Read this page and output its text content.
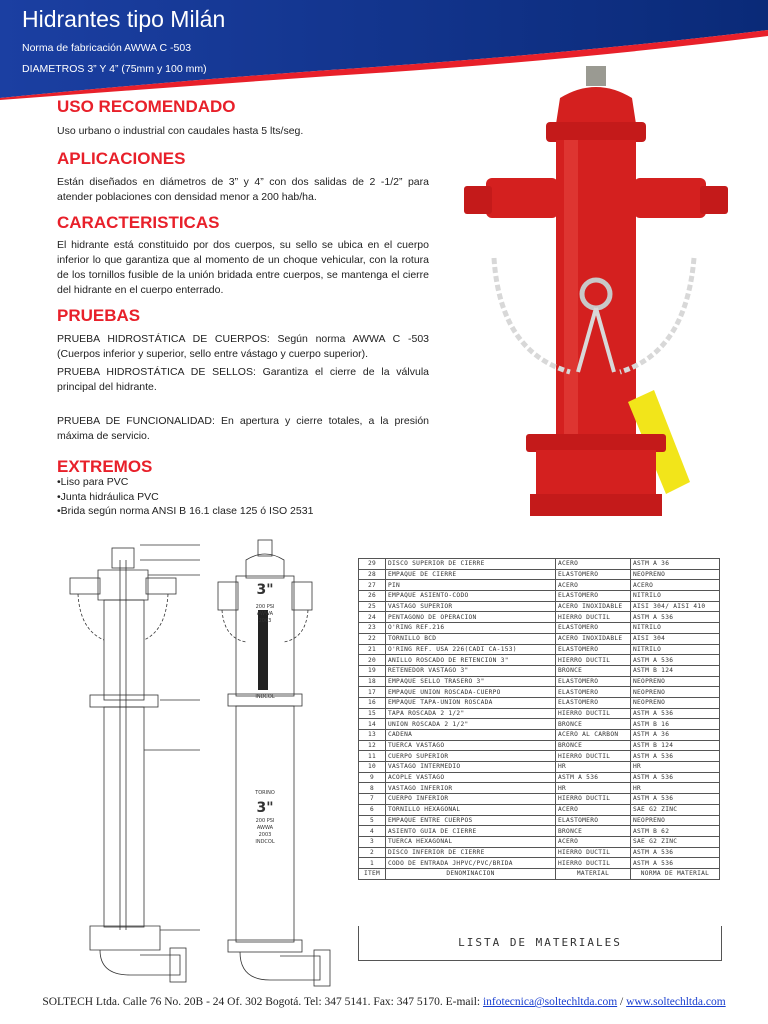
Hidrantes tipo Milán
Norma de fabricación AWWA C -503
DIAMETROS 3” Y 4” (75mm y 100 mm)
USO RECOMENDADO
Uso urbano o industrial con caudales hasta 5 lts/seg.
APLICACIONES
Están diseñados en diámetros de 3” y 4” con dos salidas de 2 -1/2” para atender poblaciones con densidad menor a 200 hab/ha.
CARACTERISTICAS
El hidrante está constituido por dos cuerpos, su sello se ubica en el cuerpo inferior lo que garantiza que al momento de un choque vehicular, con la rotura de los tornillos fusible de la unión bridada entre cuerpos, se mantenga el cierre del hidrante en el cuerpo enterrado.
PRUEBAS
PRUEBA HIDROSTÁTICA DE CUERPOS: Según norma AWWA C -503 (Cuerpos inferior y superior, sello entre vástago y cuerpo superior).
PRUEBA HIDROSTÁTICA DE SELLOS: Garantiza el cierre de la válvula principal del hidrante.
PRUEBA DE FUNCIONALIDAD: En apertura y cierre totales, a la presión máxima de servicio.
EXTREMOS
•Liso para PVC
•Junta hidráulica PVC
•Brida según norma ANSI B 16.1 clase 125 ó ISO 2531
3"
200 PSI
AWWA
2003
INDCOL
TORINO
3"
200 PSI
AWWA
2003
INDCOL
29	DISCO SUPERIOR DE CIERRE	ACERO	ASTM A 36
28	EMPAQUE DE CIERRE	ELASTOMERO	NEOPRENO
27	PIN	ACERO	ACERO
26	EMPAQUE ASIENTO-CODO	ELASTOMERO	NITRILO
25	VASTAGO SUPERIOR	ACERO INOXIDABLE	AISI 304/ AISI 410
24	PENTAGONO DE OPERACION	HIERRO DUCTIL	ASTM A 536
23	O'RING REF.216	ELASTOMERO	NITRILO
22	TORNILLO BCD	ACERO INOXIDABLE	AISI 304
21	O'RING REF. USA 226(CADI CA-153)	ELASTOMERO	NITRILO
20	ANILLO ROSCADO DE RETENCION 3"	HIERRO DUCTIL	ASTM A 536
19	RETENEDOR VASTAGO 3"	BRONCE	ASTM B 124
18	EMPAQUE SELLO TRASERO 3"	ELASTOMERO	NEOPRENO
17	EMPAQUE UNION ROSCADA-CUERPO	ELASTOMERO	NEOPRENO
16	EMPAQUE TAPA-UNION ROSCADA	ELASTOMERO	NEOPRENO
15	TAPA ROSCADA 2 1/2"	HIERRO DUCTIL	ASTM A 536
14	UNION ROSCADA 2 1/2"	BRONCE	ASTM B 16
13	CADENA	ACERO AL CARBON	ASTM A 36
12	TUERCA VASTAGO	BRONCE	ASTM B 124
11	CUERPO SUPERIOR	HIERRO DUCTIL	ASTM A 536
10	VASTAGO INTERMEDIO	HR	HR
9	ACOPLE VASTAGO	ASTM A 536	ASTM A 536
8	VASTAGO INFERIOR	HR	HR
7	CUERPO INFERIOR	HIERRO DUCTIL	ASTM A 536
6	TORNILLO HEXAGONAL	ACERO	SAE G2 ZINC
5	EMPAQUE ENTRE CUERPOS	ELASTOMERO	NEOPRENO
4	ASIENTO GUIA DE CIERRE	BRONCE	ASTM B 62
3	TUERCA HEXAGONAL	ACERO	SAE G2 ZINC
2	DISCO INFERIOR DE CIERRE	HIERRO DUCTIL	ASTM A 536
1	CODO DE ENTRADA JHPVC/PVC/BRIDA	HIERRO DUCTIL	ASTM A 536
ITEM	DENOMINACION	MATERIAL	NORMA DE MATERIAL
LISTA DE MATERIALES
SOLTECH Ltda. Calle 76 No. 20B - 24 Of. 302 Bogotá. Tel: 347 5141. Fax: 347 5170. E-mail: infotecnica@soltechltda.com / www.soltechltda.com
